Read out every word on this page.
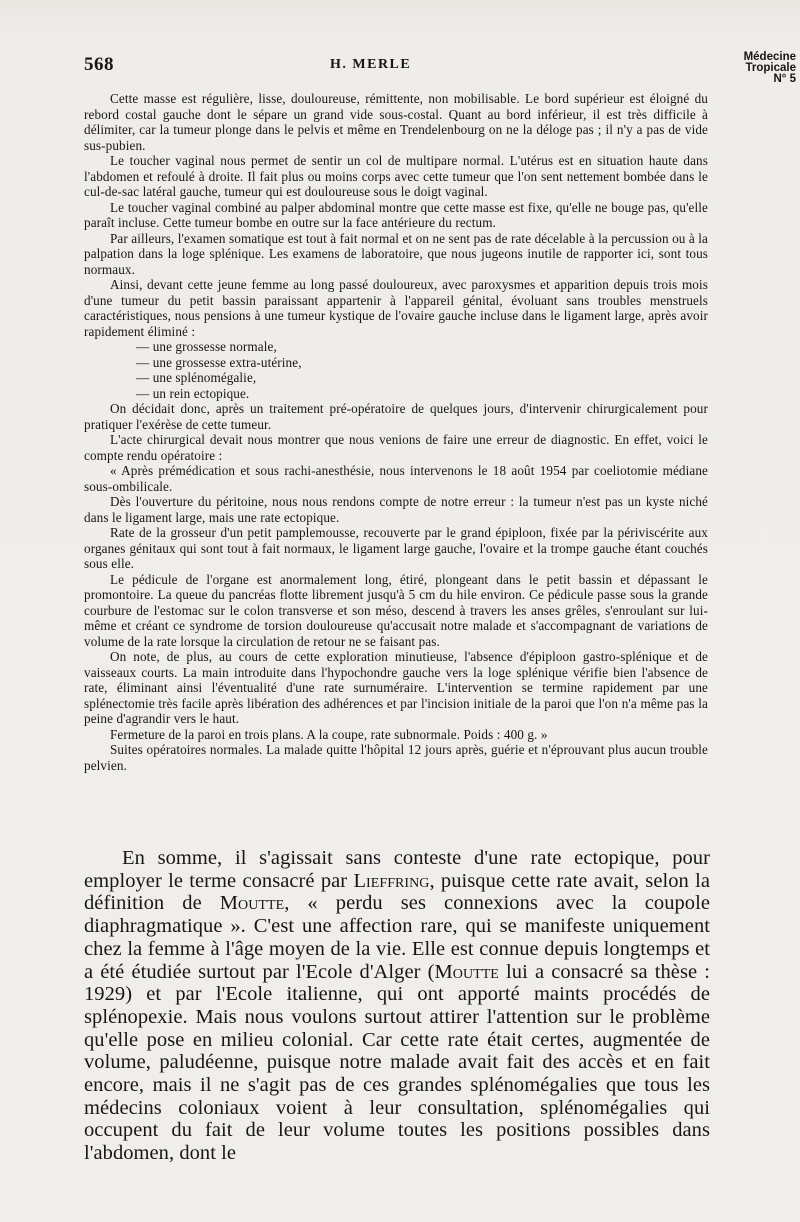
568	H. MERLE	Médecine
Tropicale
N° 5

Cette masse est régulière, lisse, douloureuse, rémittente, non mobilisable. Le bord supérieur est éloigné du rebord costal gauche dont le sépare un grand vide sous-costal. Quant au bord inférieur, il est très difficile à délimiter, car la tumeur plonge dans le pelvis et même en Trendelenbourg on ne la déloge pas ; il n'y a pas de vide sus-pubien.

Le toucher vaginal nous permet de sentir un col de multipare normal. L'utérus est en situation haute dans l'abdomen et refoulé à droite. Il fait plus ou moins corps avec cette tumeur que l'on sent nettement bombée dans le cul-de-sac latéral gauche, tumeur qui est douloureuse sous le doigt vaginal.

Le toucher vaginal combiné au palper abdominal montre que cette masse est fixe, qu'elle ne bouge pas, qu'elle paraît incluse. Cette tumeur bombe en outre sur la face antérieure du rectum.

Par ailleurs, l'examen somatique est tout à fait normal et on ne sent pas de rate décelable à la percussion ou à la palpation dans la loge splénique. Les examens de laboratoire, que nous jugeons inutile de rapporter ici, sont tous normaux.

Ainsi, devant cette jeune femme au long passé douloureux, avec paroxysmes et apparition depuis trois mois d'une tumeur du petit bassin paraissant appartenir à l'appareil génital, évoluant sans troubles menstruels caractéristiques, nous pensions à une tumeur kystique de l'ovaire gauche incluse dans le ligament large, après avoir rapidement éliminé :

— une grossesse normale,
— une grossesse extra-utérine,
— une splénomégalie,
— un rein ectopique.

On décidait donc, après un traitement pré-opératoire de quelques jours, d'intervenir chirurgicalement pour pratiquer l'exérèse de cette tumeur.

L'acte chirurgical devait nous montrer que nous venions de faire une erreur de diagnostic. En effet, voici le compte rendu opératoire :

« Après prémédication et sous rachi-anesthésie, nous intervenons le 18 août 1954 par coeliotomie médiane sous-ombilicale.

Dès l'ouverture du péritoine, nous nous rendons compte de notre erreur : la tumeur n'est pas un kyste niché dans le ligament large, mais une rate ectopique.

Rate de la grosseur d'un petit pamplemousse, recouverte par le grand épiploon, fixée par la périviscérite aux organes génitaux qui sont tout à fait normaux, le ligament large gauche, l'ovaire et la trompe gauche étant couchés sous elle.

Le pédicule de l'organe est anormalement long, étiré, plongeant dans le petit bassin et dépassant le promontoire. La queue du pancréas flotte librement jusqu'à 5 cm du hile environ. Ce pédicule passe sous la grande courbure de l'estomac sur le colon transverse et son méso, descend à travers les anses grêles, s'enroulant sur lui-même et créant ce syndrome de torsion douloureuse qu'accusait notre malade et s'accompagnant de variations de volume de la rate lorsque la circulation de retour ne se faisant pas.

On note, de plus, au cours de cette exploration minutieuse, l'absence d'épiploon gastro-splénique et de vaisseaux courts. La main introduite dans l'hypochondre gauche vers la loge splénique vérifie bien l'absence de rate, éliminant ainsi l'éventualité d'une rate surnuméraire. L'intervention se termine rapidement par une splénectomie très facile après libération des adhérences et par l'incision initiale de la paroi que l'on n'a même pas la peine d'agrandir vers le haut.

Fermeture de la paroi en trois plans. A la coupe, rate subnormale. Poids : 400 g. »

Suites opératoires normales. La malade quitte l'hôpital 12 jours après, guérie et n'éprouvant plus aucun trouble pelvien.

En somme, il s'agissait sans conteste d'une rate ectopique, pour employer le terme consacré par Lieffring, puisque cette rate avait, selon la définition de Moutte, « perdu ses connexions avec la coupole diaphragmatique ». C'est une affection rare, qui se manifeste uniquement chez la femme à l'âge moyen de la vie. Elle est connue depuis longtemps et a été étudiée surtout par l'Ecole d'Alger (Moutte lui a consacré sa thèse : 1929) et par l'Ecole italienne, qui ont apporté maints procédés de splénopexie. Mais nous voulons surtout attirer l'attention sur le problème qu'elle pose en milieu colonial. Car cette rate était certes, augmentée de volume, paludéenne, puisque notre malade avait fait des accès et en fait encore, mais il ne s'agit pas de ces grandes splénomégalies que tous les médecins coloniaux voient à leur consultation, splénomégalies qui occupent du fait de leur volume toutes les positions possibles dans l'abdomen, dont le
